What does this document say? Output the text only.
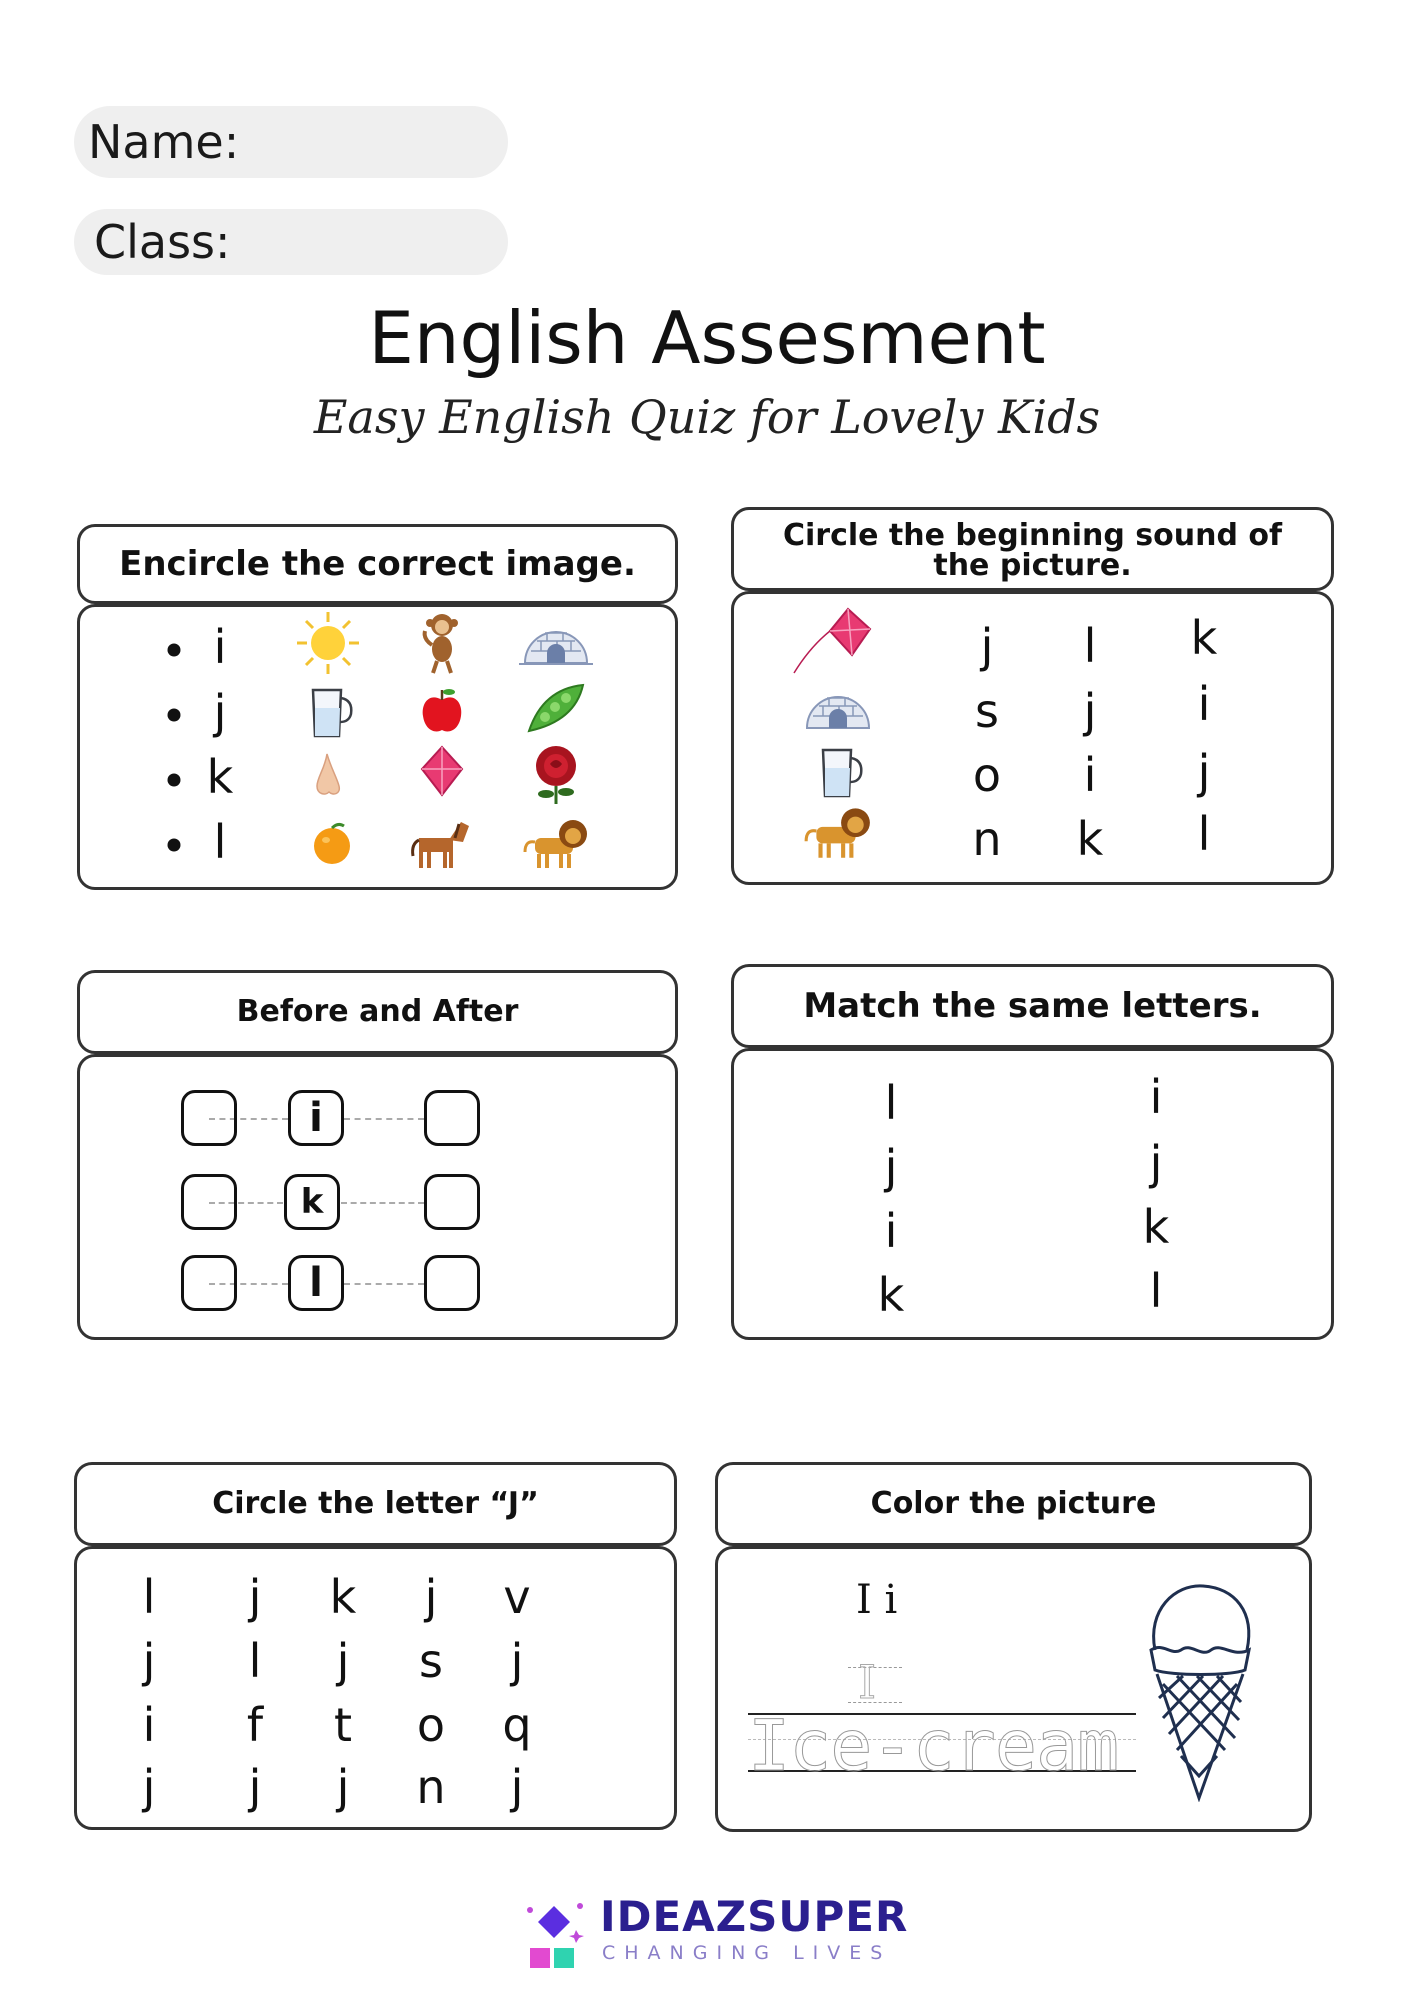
Name:
Class:
English Assesment
Easy English Quiz for Lovely Kids
Encircle the correct image.
i
j
k
l
Circle the beginning sound of the picture.
j l k
s j i
o i j
n k l
Before and After
i
k
l
Match the same letters.
l
j
i
k
i
j
k
l
Circle the letter “J”
l j k j v
j l j s j
i f t o q
j j j n j
Color the picture
I i
I
Ice-cream
IDEAZSUPER
CHANGING LIVES
